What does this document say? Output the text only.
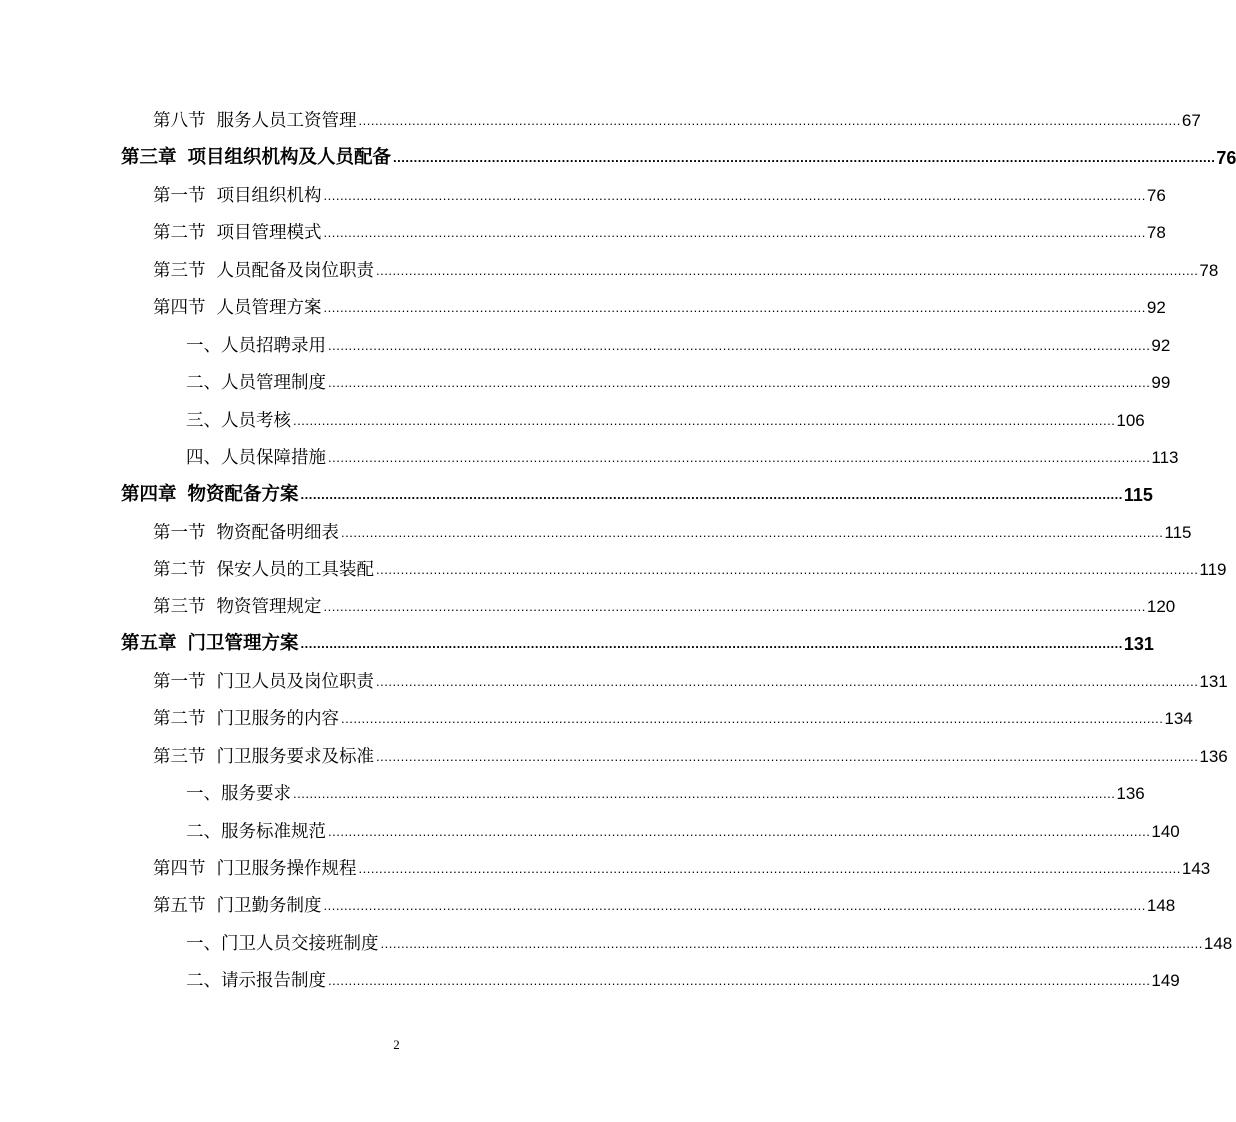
第八节 服务人员工资管理 ........................................................................................................................................................................................................ 67
第三章 项目组织机构及人员配备 ........................................................................................................................................................................................................ 76
第一节 项目组织机构 ........................................................................................................................................................................................................ 76
第二节 项目管理模式 ........................................................................................................................................................................................................ 78
第三节 人员配备及岗位职责 ........................................................................................................................................................................................................ 78
第四节 人员管理方案 ........................................................................................................................................................................................................ 92
一、人员招聘录用 ........................................................................................................................................................................................................ 92
二、人员管理制度 ........................................................................................................................................................................................................ 99
三、人员考核 ........................................................................................................................................................................................................ 106
四、人员保障措施 ........................................................................................................................................................................................................ 113
第四章 物资配备方案 ........................................................................................................................................................................................................ 115
第一节 物资配备明细表 ........................................................................................................................................................................................................ 115
第二节 保安人员的工具装配 ........................................................................................................................................................................................................ 119
第三节 物资管理规定 ........................................................................................................................................................................................................ 120
第五章 门卫管理方案 ........................................................................................................................................................................................................ 131
第一节 门卫人员及岗位职责 ........................................................................................................................................................................................................ 131
第二节 门卫服务的内容 ........................................................................................................................................................................................................ 134
第三节 门卫服务要求及标准 ........................................................................................................................................................................................................ 136
一、服务要求 ........................................................................................................................................................................................................ 136
二、服务标准规范 ........................................................................................................................................................................................................ 140
第四节 门卫服务操作规程 ........................................................................................................................................................................................................ 143
第五节 门卫勤务制度 ........................................................................................................................................................................................................ 148
一、门卫人员交接班制度 ........................................................................................................................................................................................................ 148
二、请示报告制度 ........................................................................................................................................................................................................ 149
2
